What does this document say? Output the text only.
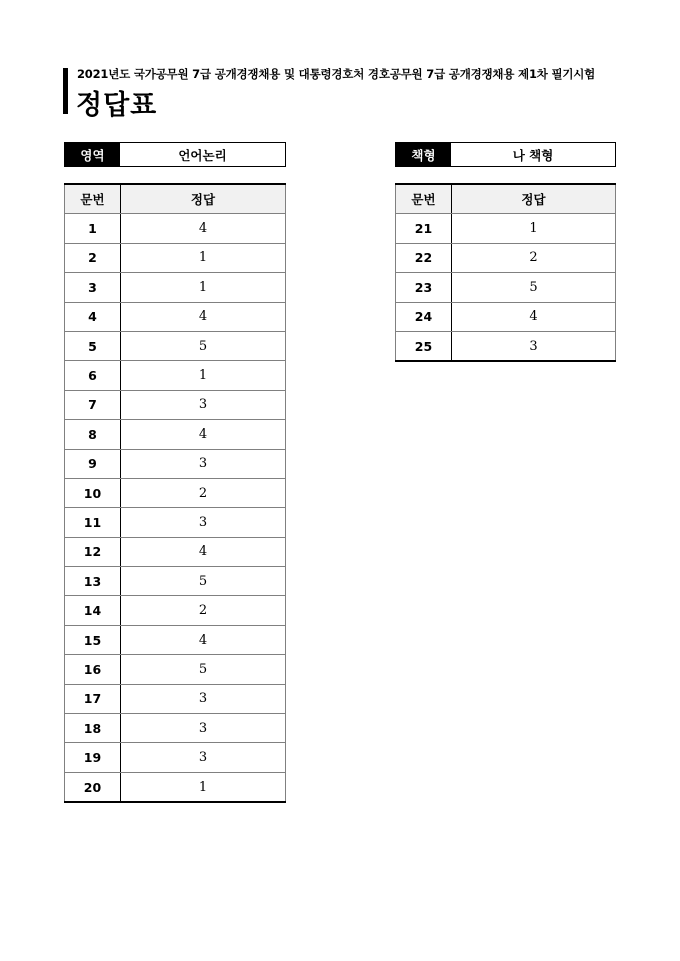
2021년도 국가공무원 7급 공개경쟁채용 및 대통령경호처 경호공무원 7급 공개경쟁채용 제1차 필기시험
정답표
영역	언어논리	책형	나 책형
문번	정답
1	4
2	1
3	1
4	4
5	5
6	1
7	3
8	4
9	3
10	2
11	3
12	4
13	5
14	2
15	4
16	5
17	3
18	3
19	3
20	1
문번	정답
21	1
22	2
23	5
24	4
25	3
